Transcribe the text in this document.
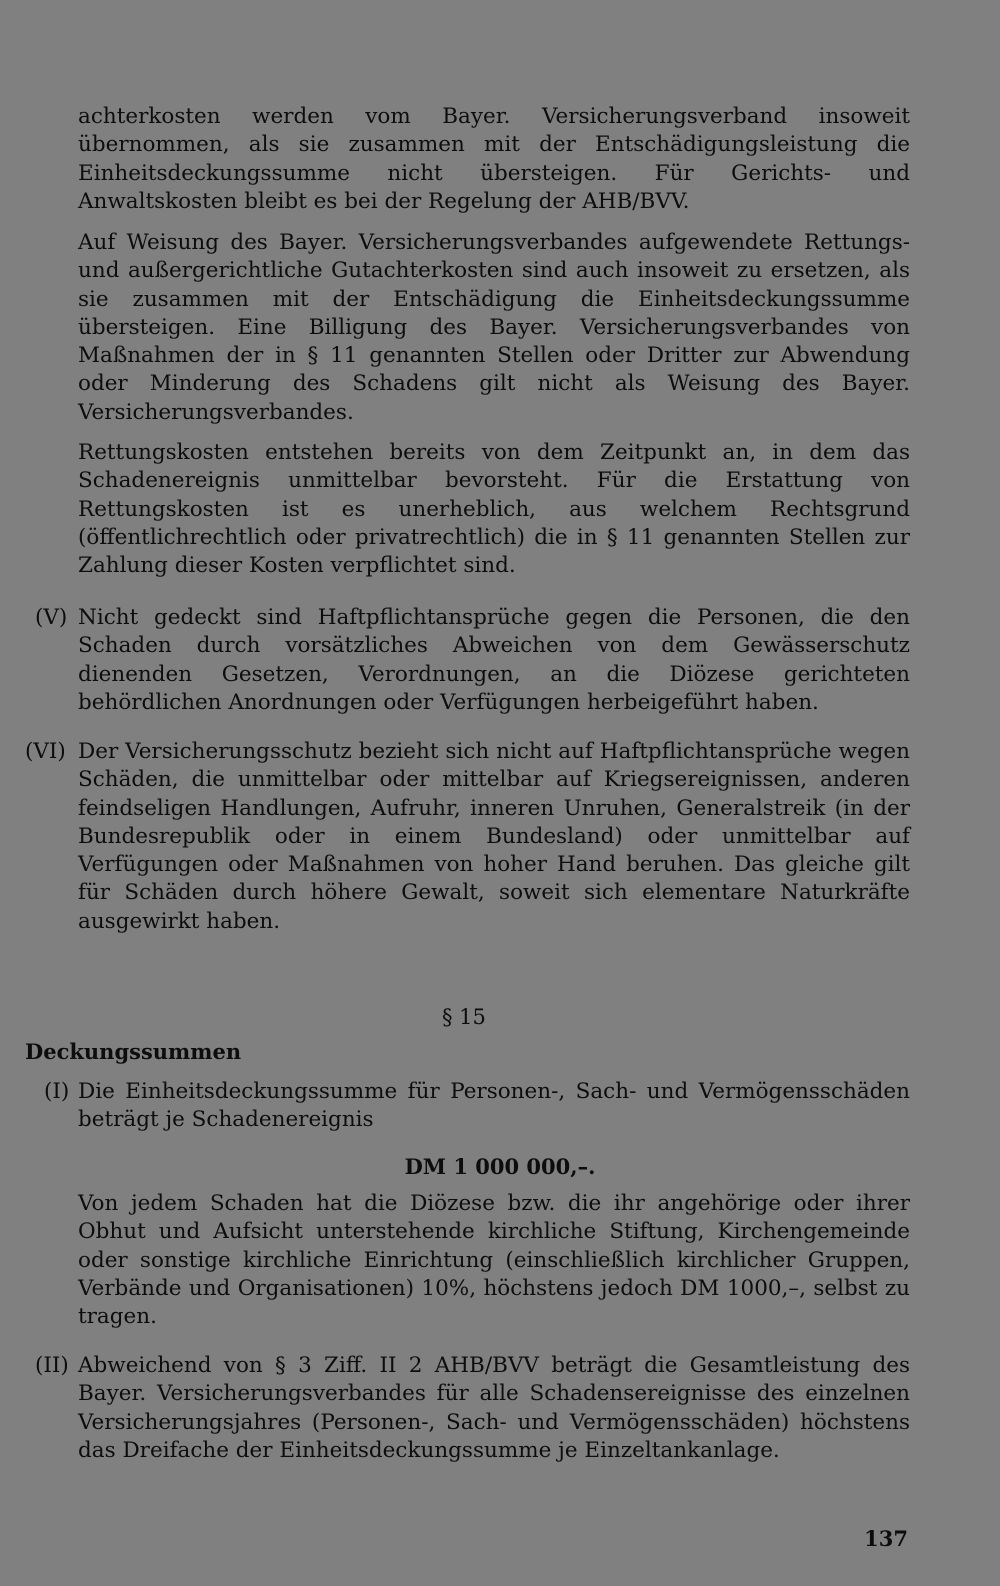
achterkosten werden vom Bayer. Versicherungsverband insoweit übernommen, als sie zusammen mit der Entschädigungsleistung die Einheitsdeckungssumme nicht übersteigen. Für Gerichts- und Anwaltskosten bleibt es bei der Regelung der AHB/BVV.

Auf Weisung des Bayer. Versicherungsverbandes aufgewendete Rettungs- und außergerichtliche Gutachterkosten sind auch insoweit zu ersetzen, als sie zusammen mit der Entschädigung die Einheitsdeckungssumme übersteigen. Eine Billigung des Bayer. Versicherungsverbandes von Maßnahmen der in § 11 genannten Stellen oder Dritter zur Abwendung oder Minderung des Schadens gilt nicht als Weisung des Bayer. Versicherungsverbandes.

Rettungskosten entstehen bereits von dem Zeitpunkt an, in dem das Schadenereignis unmittelbar bevorsteht. Für die Erstattung von Rettungskosten ist es unerheblich, aus welchem Rechtsgrund (öffentlichrechtlich oder privatrechtlich) die in § 11 genannten Stellen zur Zahlung dieser Kosten verpflichtet sind.

(V) Nicht gedeckt sind Haftpflichtansprüche gegen die Personen, die den Schaden durch vorsätzliches Abweichen von dem Gewässerschutz dienenden Gesetzen, Verordnungen, an die Diözese gerichteten behördlichen Anordnungen oder Verfügungen herbeigeführt haben.

(VI) Der Versicherungsschutz bezieht sich nicht auf Haftpflichtansprüche wegen Schäden, die unmittelbar oder mittelbar auf Kriegsereignissen, anderen feindseligen Handlungen, Aufruhr, inneren Unruhen, Generalstreik (in der Bundesrepublik oder in einem Bundesland) oder unmittelbar auf Verfügungen oder Maßnahmen von hoher Hand beruhen. Das gleiche gilt für Schäden durch höhere Gewalt, soweit sich elementare Naturkräfte ausgewirkt haben.

§ 15
Deckungssummen
(I) Die Einheitsdeckungssumme für Personen-, Sach- und Vermögensschäden beträgt je Schadenereignis

DM 1 000 000,–.

Von jedem Schaden hat die Diözese bzw. die ihr angehörige oder ihrer Obhut und Aufsicht unterstehende kirchliche Stiftung, Kirchengemeinde oder sonstige kirchliche Einrichtung (einschließlich kirchlicher Gruppen, Verbände und Organisationen) 10%, höchstens jedoch DM 1000,–, selbst zu tragen.

(II) Abweichend von § 3 Ziff. II 2 AHB/BVV beträgt die Gesamtleistung des Bayer. Versicherungsverbandes für alle Schadensereignisse des einzelnen Versicherungsjahres (Personen-, Sach- und Vermögensschäden) höchstens das Dreifache der Einheitsdeckungssumme je Einzeltankanlage.

137
